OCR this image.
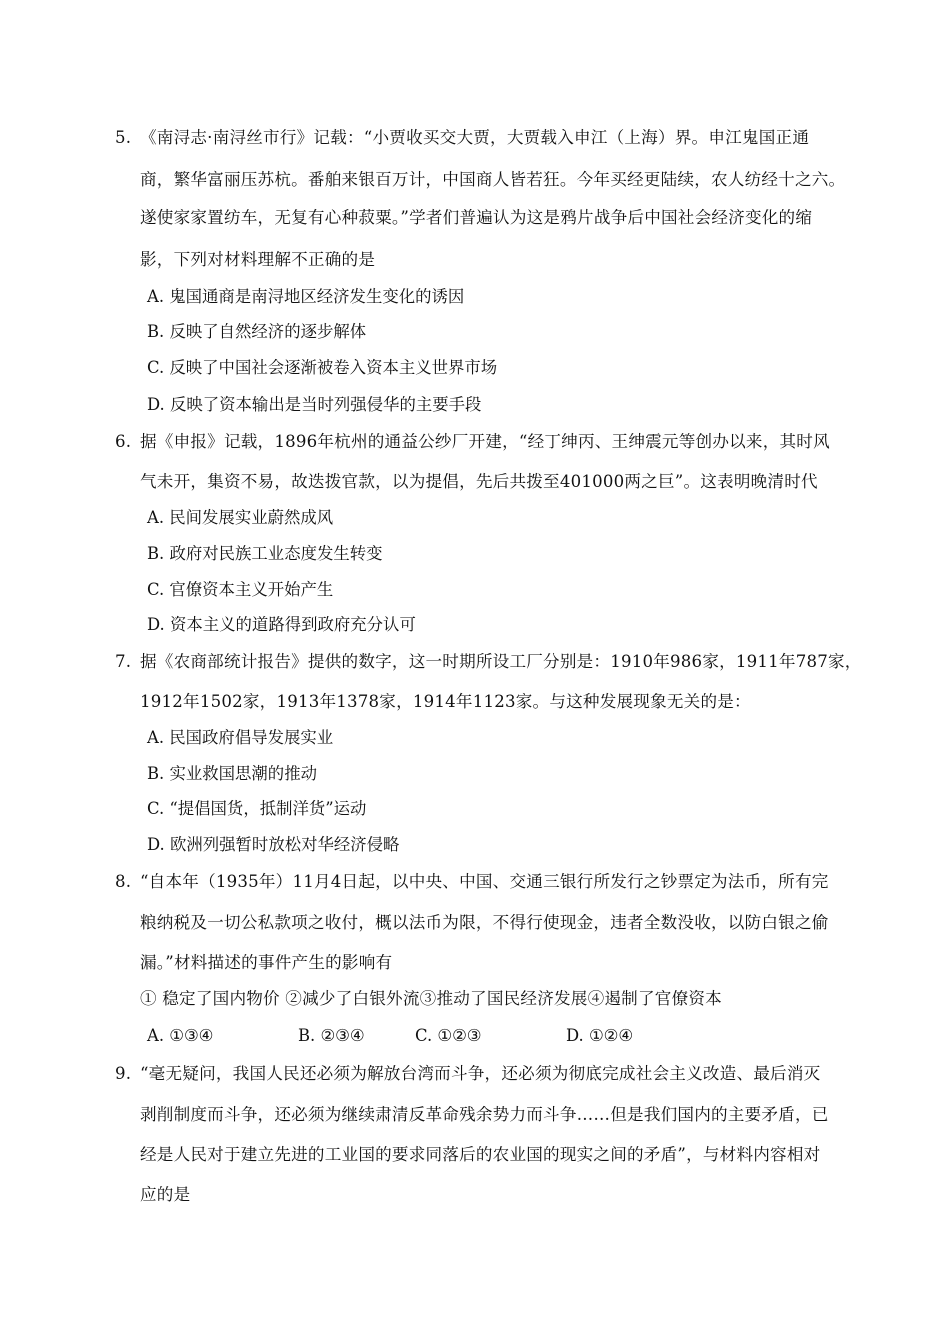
5. 《南浔志·南浔丝市行》记载：“小贾收买交大贾，大贾载入申江（上海）界。申江鬼国正通
商，繁华富丽压苏杭。番舶来银百万计，中国商人皆若狂。今年买经更陆续，农人纺经十之六。
遂使家家置纺车，无复有心种菽粟。”学者们普遍认为这是鸦片战争后中国社会经济变化的缩
影，下列对材料理解不正确的是
A. 鬼国通商是南浔地区经济发生变化的诱因
B. 反映了自然经济的逐步解体
C. 反映了中国社会逐渐被卷入资本主义世界市场
D. 反映了资本输出是当时列强侵华的主要手段
6. 据《申报》记载，1896年杭州的通益公纱厂开建，“经丁绅丙、王绅震元等创办以来，其时风
气未开，集资不易，故迭拨官款，以为提倡，先后共拨至401000两之巨”。这表明晚清时代
A. 民间发展实业蔚然成风
B. 政府对民族工业态度发生转变
C. 官僚资本主义开始产生
D. 资本主义的道路得到政府充分认可
7. 据《农商部统计报告》提供的数字，这一时期所设工厂分别是：1910年986家，1911年787家，
1912年1502家，1913年1378家，1914年1123家。与这种发展现象无关的是：
A. 民国政府倡导发展实业
B. 实业救国思潮的推动
C. “提倡国货，抵制洋货”运动
D. 欧洲列强暂时放松对华经济侵略
8. “自本年（1935年）11月4日起，以中央、中国、交通三银行所发行之钞票定为法币，所有完
粮纳税及一切公私款项之收付，概以法币为限，不得行使现金，违者全数没收，以防白银之偷
漏。”材料描述的事件产生的影响有
① 稳定了国内物价 ②减少了白银外流③推动了国民经济发展④遏制了官僚资本
A. ①③④	B. ②③④	C. ①②③	D. ①②④
9. “毫无疑问，我国人民还必须为解放台湾而斗争，还必须为彻底完成社会主义改造、最后消灭
剥削制度而斗争，还必须为继续肃清反革命残余势力而斗争……但是我们国内的主要矛盾，已
经是人民对于建立先进的工业国的要求同落后的农业国的现实之间的矛盾”，与材料内容相对
应的是
